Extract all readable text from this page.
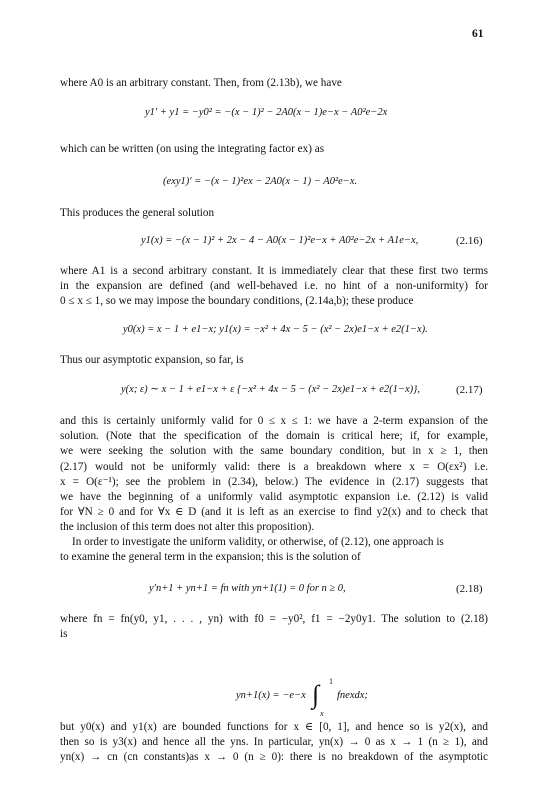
61
where A0 is an arbitrary constant. Then, from (2.13b), we have
y1′ + y1 = −y0² = −(x − 1)² − 2A0(x − 1)e−x − A0²e−2x
which can be written (on using the integrating factor ex) as
(exy1)′ = −(x − 1)²ex − 2A0(x − 1) − A0²e−x.
This produces the general solution
y1(x) = −(x − 1)² + 2x − 4 − A0(x − 1)²e−x + A0²e−2x + A1e−x,	(2.16)
where A1 is a second arbitrary constant. It is immediately clear that these first two terms
in the expansion are defined (and well-behaved i.e. no hint of a non-uniformity) for
0 ≤ x ≤ 1, so we may impose the boundary conditions, (2.14a,b); these produce
y0(x) = x − 1 + e1−x; y1(x) = −x² + 4x − 5 − (x² − 2x)e1−x + e2(1−x).
Thus our asymptotic expansion, so far, is
y(x; ε) ∼ x − 1 + e1−x + ε {−x² + 4x − 5 − (x² − 2x)e1−x + e2(1−x)},	(2.17)
and this is certainly uniformly valid for 0 ≤ x ≤ 1: we have a 2-term expansion of the
solution. (Note that the specification of the domain is critical here; if, for example,
we were seeking the solution with the same boundary condition, but in x ≥ 1, then
(2.17) would not be uniformly valid: there is a breakdown where x = O(εx²) i.e.
x = O(ε⁻¹); see the problem in (2.34), below.) The evidence in (2.17) suggests that
we have the beginning of a uniformly valid asymptotic expansion i.e. (2.12) is valid
for ∀N ≥ 0 and for ∀x ∈ D (and it is left as an exercise to find y2(x) and to check that
the inclusion of this term does not alter this proposition).
In order to investigate the uniform validity, or otherwise, of (2.12), one approach is
to examine the general term in the expansion; this is the solution of
y′n+1 + yn+1 = fn with yn+1(1) = 0 for n ≥ 0,	(2.18)
where fn = fn(y0, y1, . . . , yn) with f0 = −y0², f1 = −2y0y1. The solution to (2.18)
is
yn+1(x) = −e−x ∫ 1
x
fnexdx;
but y0(x) and y1(x) are bounded functions for x ∈ [0, 1], and hence so is y2(x), and
then so is y3(x) and hence all the yns. In particular, yn(x) → 0 as x → 1 (n ≥ 1), and
yn(x) → cn (cn constants)as x → 0 (n ≥ 0): there is no breakdown of the asymptotic
